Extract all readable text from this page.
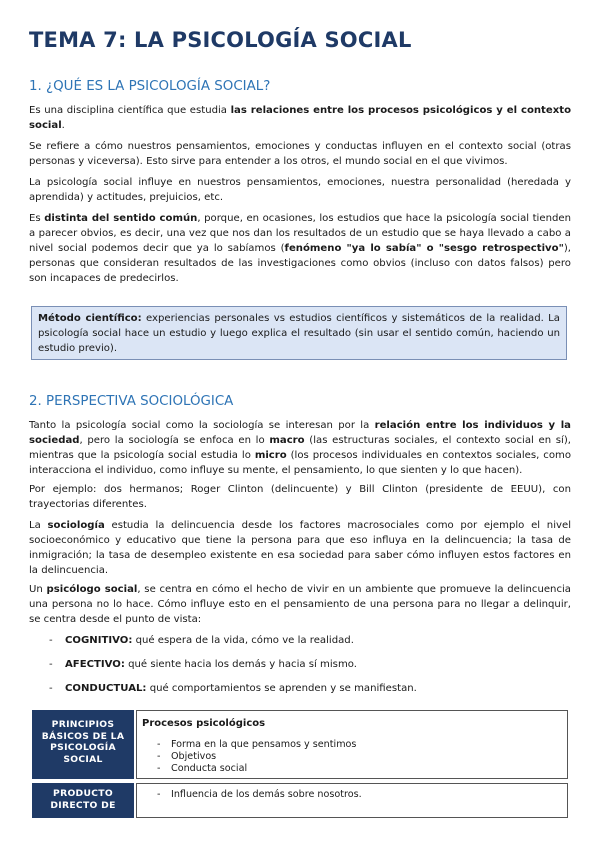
TEMA 7: LA PSICOLOGÍA SOCIAL
1. ¿QUÉ ES LA PSICOLOGÍA SOCIAL?

Es una disciplina científica que estudia las relaciones entre los procesos psicológicos y el contexto social.

Se refiere a cómo nuestros pensamientos, emociones y conductas influyen en el contexto social (otras personas y viceversa). Esto sirve para entender a los otros, el mundo social en el que vivimos.

La psicología social influye en nuestros pensamientos, emociones, nuestra personalidad (heredada y aprendida) y actitudes, prejuicios, etc.

Es distinta del sentido común, porque, en ocasiones, los estudios que hace la psicología social tienden a parecer obvios, es decir, una vez que nos dan los resultados de un estudio que se haya llevado a cabo a nivel social podemos decir que ya lo sabíamos (fenómeno "ya lo sabía" o "sesgo retrospectivo"), personas que consideran resultados de las investigaciones como obvios (incluso con datos falsos) pero son incapaces de predecirlos.

Método científico: experiencias personales vs estudios científicos y sistemáticos de la realidad. La psicología social hace un estudio y luego explica el resultado (sin usar el sentido común, haciendo un estudio previo).
2. PERSPECTIVA SOCIOLÓGICA

Tanto la psicología social como la sociología se interesan por la relación entre los individuos y la sociedad, pero la sociología se enfoca en lo macro (las estructuras sociales, el contexto social en sí), mientras que la psicología social estudia lo micro (los procesos individuales en contextos sociales, como interacciona el individuo, como influye su mente, el pensamiento, lo que sienten y lo que hacen).

Por ejemplo: dos hermanos; Roger Clinton (delincuente) y Bill Clinton (presidente de EEUU), con trayectorias diferentes.

La sociología estudia la delincuencia desde los factores macrosociales como por ejemplo el nivel socioeconómico y educativo que tiene la persona para que eso influya en la delincuencia; la tasa de inmigración; la tasa de desempleo existente en esa sociedad para saber cómo influyen estos factores en la delincuencia.

Un psicólogo social, se centra en cómo el hecho de vivir en un ambiente que promueve la delincuencia una persona no lo hace. Cómo influye esto en el pensamiento de una persona para no llegar a delinquir, se centra desde el punto de vista:

- COGNITIVO: qué espera de la vida, cómo ve la realidad.
- AFECTIVO: qué siente hacia los demás y hacia sí mismo.
- CONDUCTUAL: qué comportamientos se aprenden y se manifiestan.
PRINCIPIOS
BÁSICOS DE LA
PSICOLOGÍA
SOCIAL
Procesos psicológicos
- Forma en la que pensamos y sentimos
- Objetivos
- Conducta social
PRODUCTO
DIRECTO DE
- Influencia de los demás sobre nosotros.
